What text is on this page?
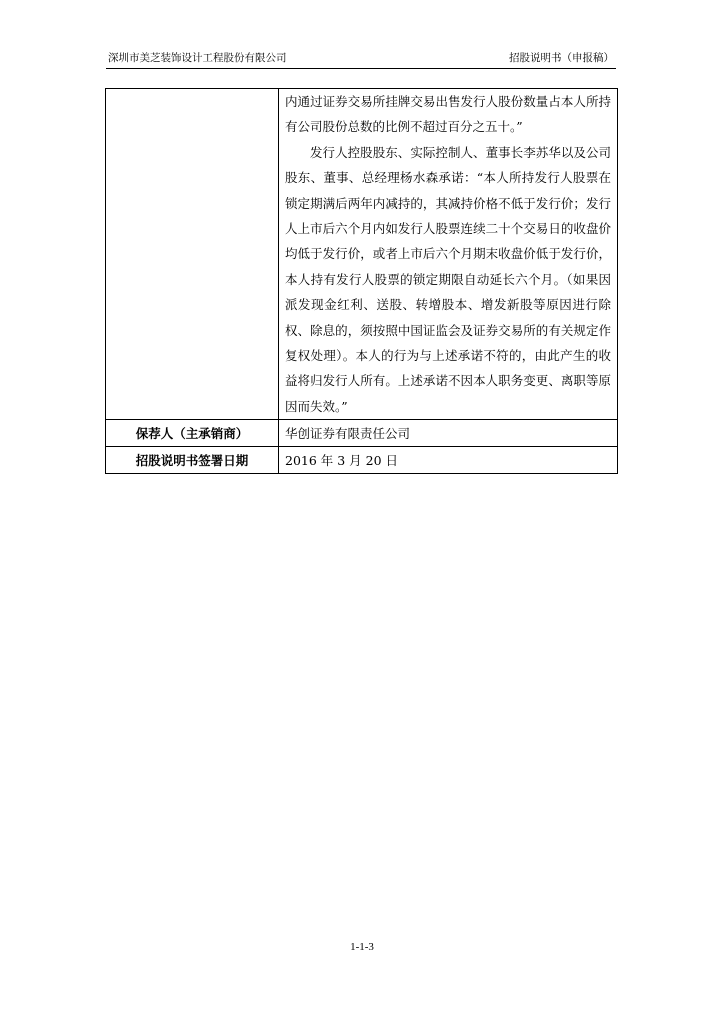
深圳市美芝装饰设计工程股份有限公司	招股说明书（申报稿）

	内通过证券交易所挂牌交易出售发行人股份数量占本人所持有公司股份总数的比例不超过百分之五十。”

发行人控股股东、实际控制人、董事长李苏华以及公司股东、董事、总经理杨水森承诺：“本人所持发行人股票在锁定期满后两年内减持的，其减持价格不低于发行价；发行人上市后六个月内如发行人股票连续二十个交易日的收盘价均低于发行价，或者上市后六个月期末收盘价低于发行价，本人持有发行人股票的锁定期限自动延长六个月。（如果因派发现金红利、送股、转增股本、增发新股等原因进行除权、除息的，须按照中国证监会及证券交易所的有关规定作复权处理）。本人的行为与上述承诺不符的，由此产生的收益将归发行人所有。上述承诺不因本人职务变更、离职等原因而失效。”

保荐人（主承销商）	华创证券有限责任公司
招股说明书签署日期	2016 年 3 月 20 日
1-1-3
